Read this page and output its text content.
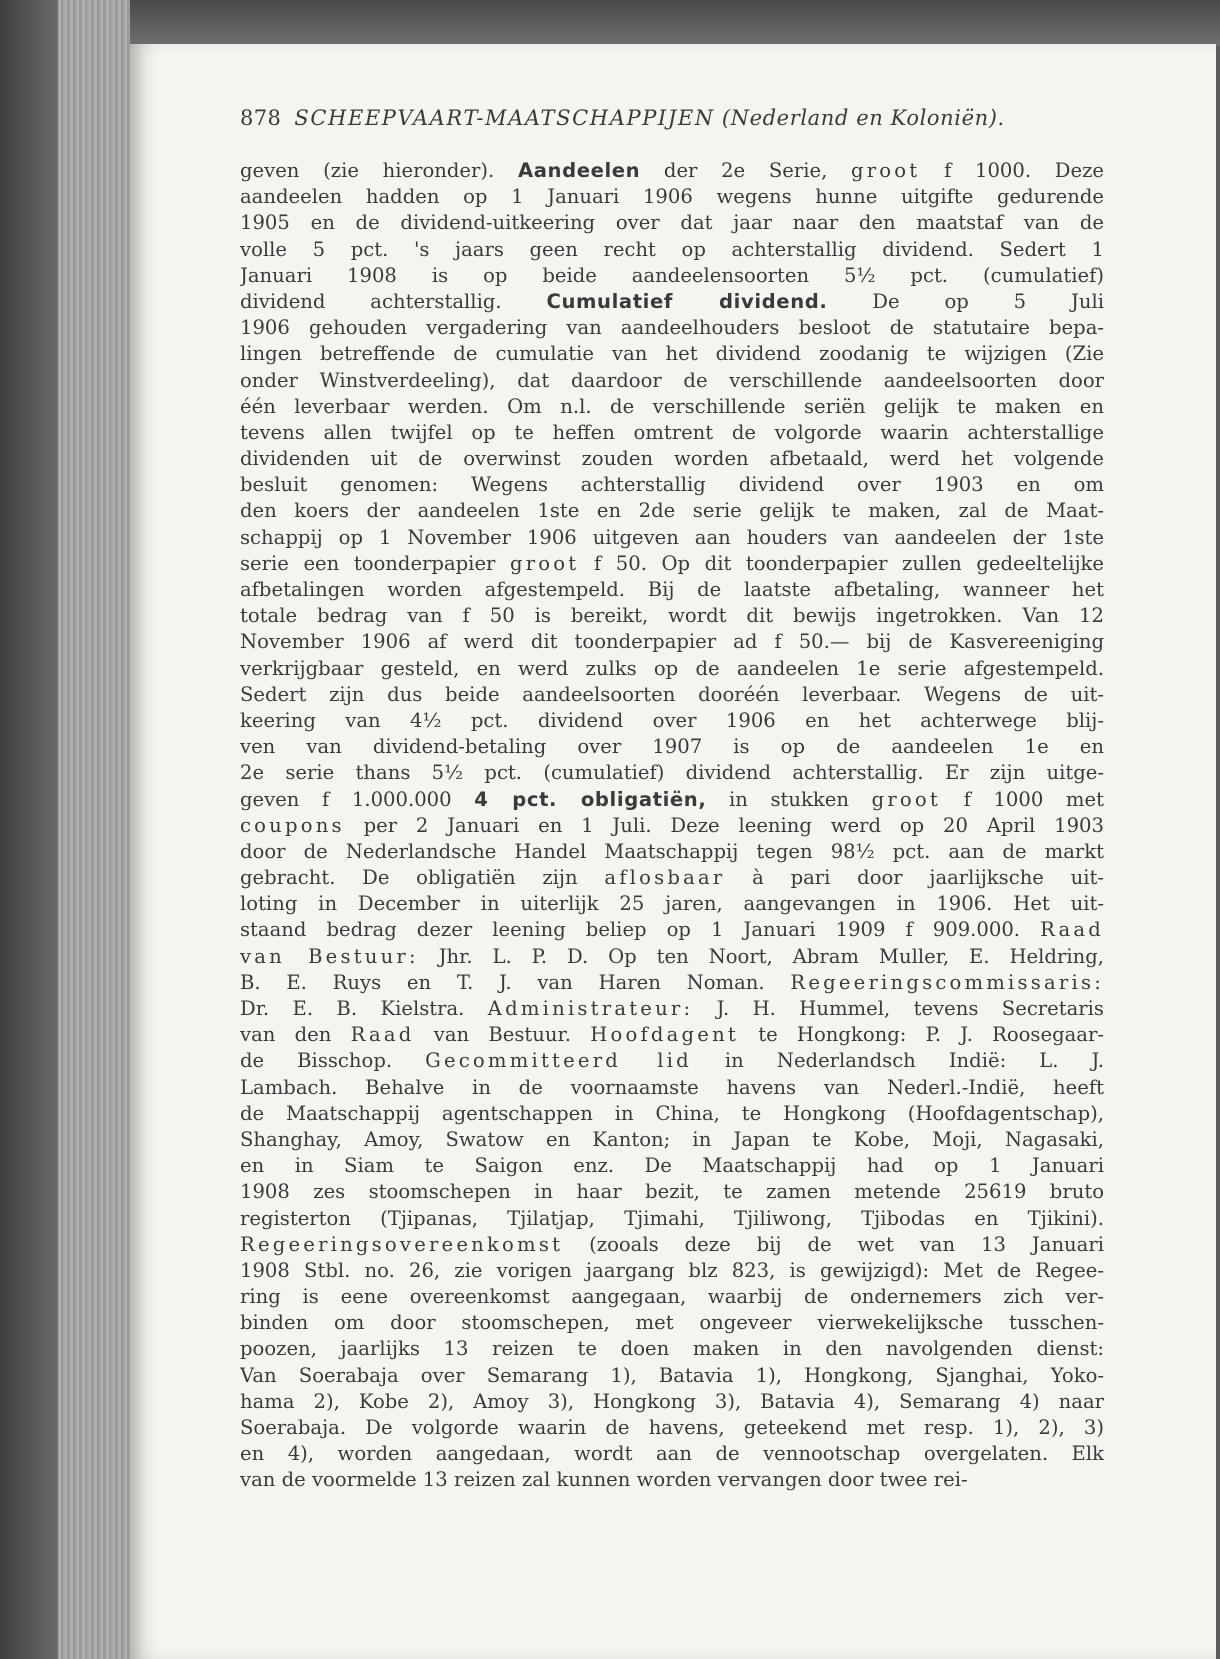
878 SCHEEPVAART-MAATSCHAPPIJEN (Nederland en Koloniën).
geven (zie hieronder). Aandeelen der 2e Serie, groot f 1000. Deze
aandeelen hadden op 1 Januari 1906 wegens hunne uitgifte gedurende
1905 en de dividend-uitkeering over dat jaar naar den maatstaf van de
volle 5 pct. 's jaars geen recht op achterstallig dividend. Sedert 1
Januari 1908 is op beide aandeelensoorten 5½ pct. (cumulatief)
dividend achterstallig. Cumulatief dividend. De op 5 Juli
1906 gehouden vergadering van aandeelhouders besloot de statutaire bepa-
lingen betreffende de cumulatie van het dividend zoodanig te wijzigen (Zie
onder Winstverdeeling), dat daardoor de verschillende aandeelsoorten door
één leverbaar werden. Om n.l. de verschillende seriën gelijk te maken en
tevens allen twijfel op te heffen omtrent de volgorde waarin achterstallige
dividenden uit de overwinst zouden worden afbetaald, werd het volgende
besluit genomen: Wegens achterstallig dividend over 1903 en om
den koers der aandeelen 1ste en 2de serie gelijk te maken, zal de Maat-
schappij op 1 November 1906 uitgeven aan houders van aandeelen der 1ste
serie een toonderpapier groot f 50. Op dit toonderpapier zullen gedeeltelijke
afbetalingen worden afgestempeld. Bij de laatste afbetaling, wanneer het
totale bedrag van f 50 is bereikt, wordt dit bewijs ingetrokken. Van 12
November 1906 af werd dit toonderpapier ad f 50.— bij de Kasvereeniging
verkrijgbaar gesteld, en werd zulks op de aandeelen 1e serie afgestempeld.
Sedert zijn dus beide aandeelsoorten dooréén leverbaar. Wegens de uit-
keering van 4½ pct. dividend over 1906 en het achterwege blij-
ven van dividend-betaling over 1907 is op de aandeelen 1e en
2e serie thans 5½ pct. (cumulatief) dividend achterstallig. Er zijn uitge-
geven f 1.000.000 4 pct. obligatiën, in stukken groot f 1000 met
coupons per 2 Januari en 1 Juli. Deze leening werd op 20 April 1903
door de Nederlandsche Handel Maatschappij tegen 98½ pct. aan de markt
gebracht. De obligatiën zijn aflosbaar à pari door jaarlijksche uit-
loting in December in uiterlijk 25 jaren, aangevangen in 1906. Het uit-
staand bedrag dezer leening beliep op 1 Januari 1909 f 909.000. Raad
van Bestuur: Jhr. L. P. D. Op ten Noort, Abram Muller, E. Heldring,
B. E. Ruys en T. J. van Haren Noman. Regeeringscommissaris:
Dr. E. B. Kielstra. Administrateur: J. H. Hummel, tevens Secretaris
van den Raad van Bestuur. Hoofdagent te Hongkong: P. J. Roosegaar-
de Bisschop. Gecommitteerd lid in Nederlandsch Indië: L. J.
Lambach. Behalve in de voornaamste havens van Nederl.-Indië, heeft
de Maatschappij agentschappen in China, te Hongkong (Hoofdagentschap),
Shanghay, Amoy, Swatow en Kanton; in Japan te Kobe, Moji, Nagasaki,
en in Siam te Saigon enz. De Maatschappij had op 1 Januari
1908 zes stoomschepen in haar bezit, te zamen metende 25619 bruto
registerton (Tjipanas, Tjilatjap, Tjimahi, Tjiliwong, Tjibodas en Tjikini).
Regeeringsovereenkomst (zooals deze bij de wet van 13 Januari
1908 Stbl. no. 26, zie vorigen jaargang blz 823, is gewijzigd): Met de Regee-
ring is eene overeenkomst aangegaan, waarbij de ondernemers zich ver-
binden om door stoomschepen, met ongeveer vierwekelijksche tusschen-
poozen, jaarlijks 13 reizen te doen maken in den navolgenden dienst:
Van Soerabaja over Semarang 1), Batavia 1), Hongkong, Sjanghai, Yoko-
hama 2), Kobe 2), Amoy 3), Hongkong 3), Batavia 4), Semarang 4) naar
Soerabaja. De volgorde waarin de havens, geteekend met resp. 1), 2), 3)
en 4), worden aangedaan, wordt aan de vennootschap overgelaten. Elk
van de voormelde 13 reizen zal kunnen worden vervangen door twee rei-
